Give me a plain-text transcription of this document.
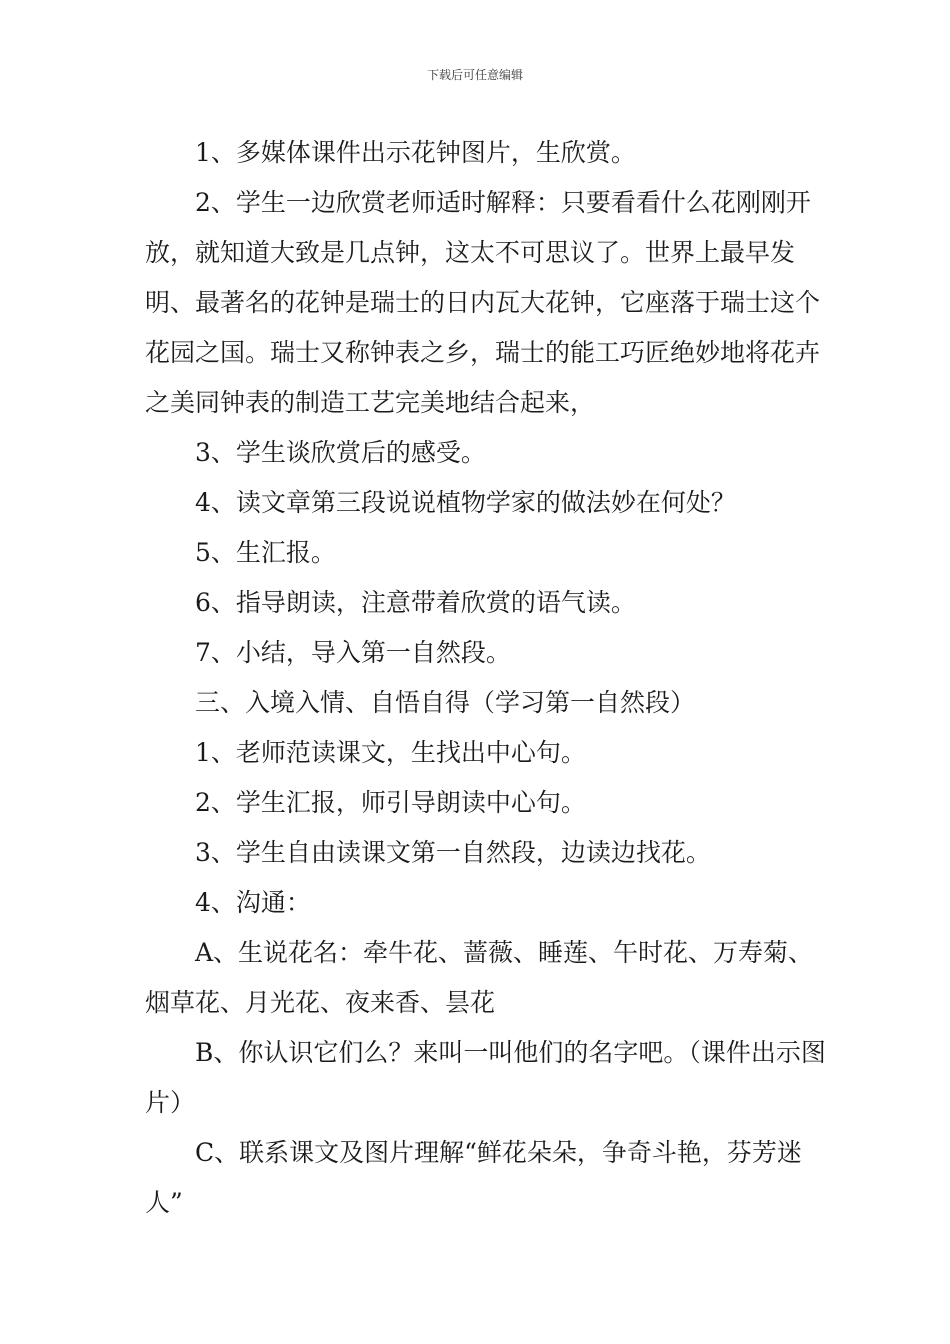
下载后可任意编辑

1、多媒体课件出示花钟图片，生欣赏。

2、学生一边欣赏老师适时解释：只要看看什么花刚刚开放，就知道大致是几点钟，这太不可思议了。世界上最早发明、最著名的花钟是瑞士的日内瓦大花钟，它座落于瑞士这个花园之国。瑞士又称钟表之乡，瑞士的能工巧匠绝妙地将花卉之美同钟表的制造工艺完美地结合起来，

3、学生谈欣赏后的感受。

4、读文章第三段说说植物学家的做法妙在何处？

5、生汇报。

6、指导朗读，注意带着欣赏的语气读。

7、小结，导入第一自然段。

三、入境入情、自悟自得（学习第一自然段）

1、老师范读课文，生找出中心句。

2、学生汇报，师引导朗读中心句。

3、学生自由读课文第一自然段，边读边找花。

4、沟通：

A、生说花名：牵牛花、蔷薇、睡莲、午时花、万寿菊、烟草花、月光花、夜来香、昙花

B、你认识它们么？来叫一叫他们的名字吧。（课件出示图片）

C、联系课文及图片理解“鲜花朵朵，争奇斗艳，芬芳迷人”
